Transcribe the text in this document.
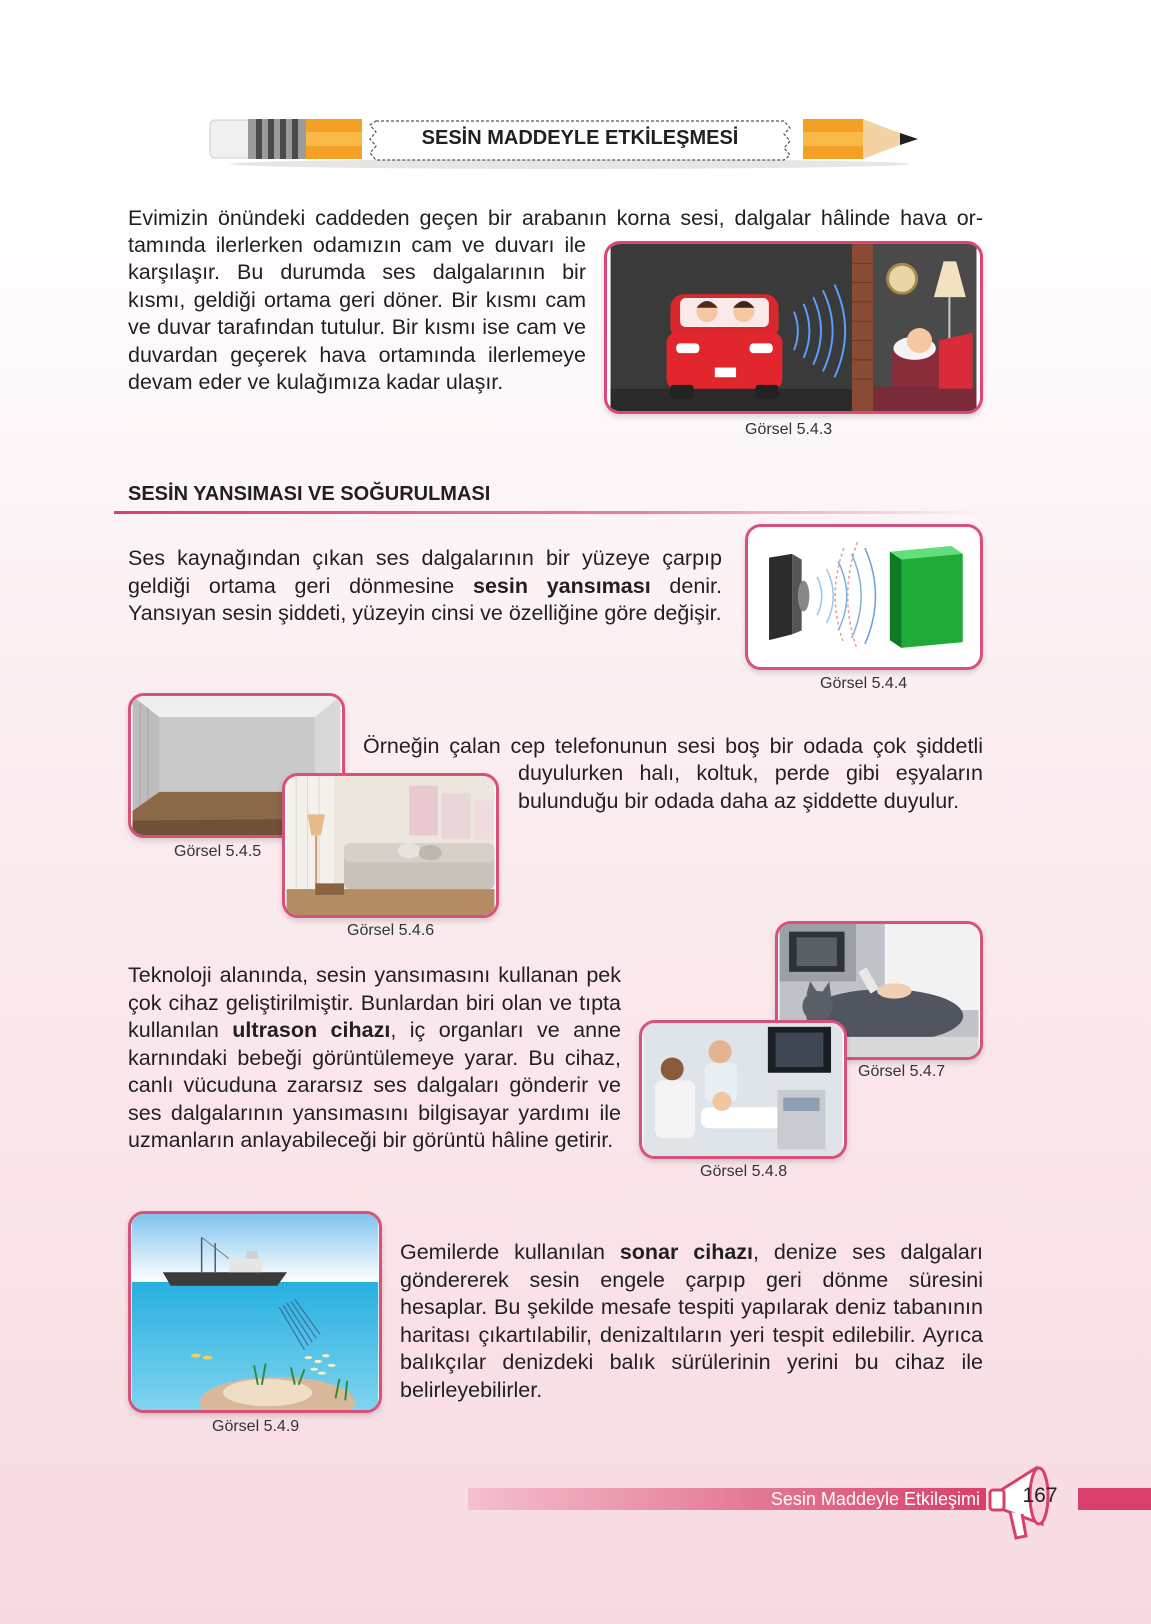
SESİN MADDEYLE ETKİLEŞMESİ

Evimizin önündeki caddeden geçen bir arabanın korna sesi, dalgalar hâlinde hava or-

tamında ilerlerken odamızın cam ve duvarı ile

karşılaşır. Bu durumda ses dalgalarının bir kısmı, geldiği ortama geri döner. Bir kısmı cam ve duvar tarafından tutulur. Bir kısmı ise cam ve duvardan geçerek hava ortamında ilerlemeye devam eder ve kulağımıza kadar ulaşır.

Görsel 5.4.3
SESİN YANSIMASI VE SOĞURULMASI

Ses kaynağından çıkan ses dalgalarının bir yüzeye çarpıp geldiği ortama geri dönmesine sesin yansıması denir. Yansıyan sesin şiddeti, yüzeyin cinsi ve özelliğine göre değişir.

Görsel 5.4.4
Görsel 5.4.5
Görsel 5.4.6

Örneğin çalan cep telefonunun sesi boş bir odada çok şiddetli

duyulurken halı, koltuk, perde gibi eşyaların bulunduğu bir odada daha az şiddette duyulur.

Teknoloji alanında, sesin yansımasını kullanan pek çok cihaz geliştirilmiştir. Bunlardan biri olan ve tıpta kullanılan ultrason cihazı, iç organları ve anne karnındaki bebeği görüntülemeye yarar. Bu cihaz, canlı vücuduna zararsız ses dalgaları gönderir ve ses dalgalarının yansımasını bilgisayar yardımı ile uzmanların anlayabileceği bir görüntü hâline getirir.

Görsel 5.4.7
Görsel 5.4.8
Görsel 5.4.9

Gemilerde kullanılan sonar cihazı, denize ses dalgaları göndererek sesin engele çarpıp geri dönme süresini hesaplar. Bu şekilde mesafe tespiti yapılarak deniz tabanının haritası çıkartılabilir, denizaltıların yeri tespit edilebilir. Ayrıca balıkçılar denizdeki balık sürülerinin yerini bu cihaz ile belirleyebilirler.

Sesin Maddeyle Etkileşimi 167
